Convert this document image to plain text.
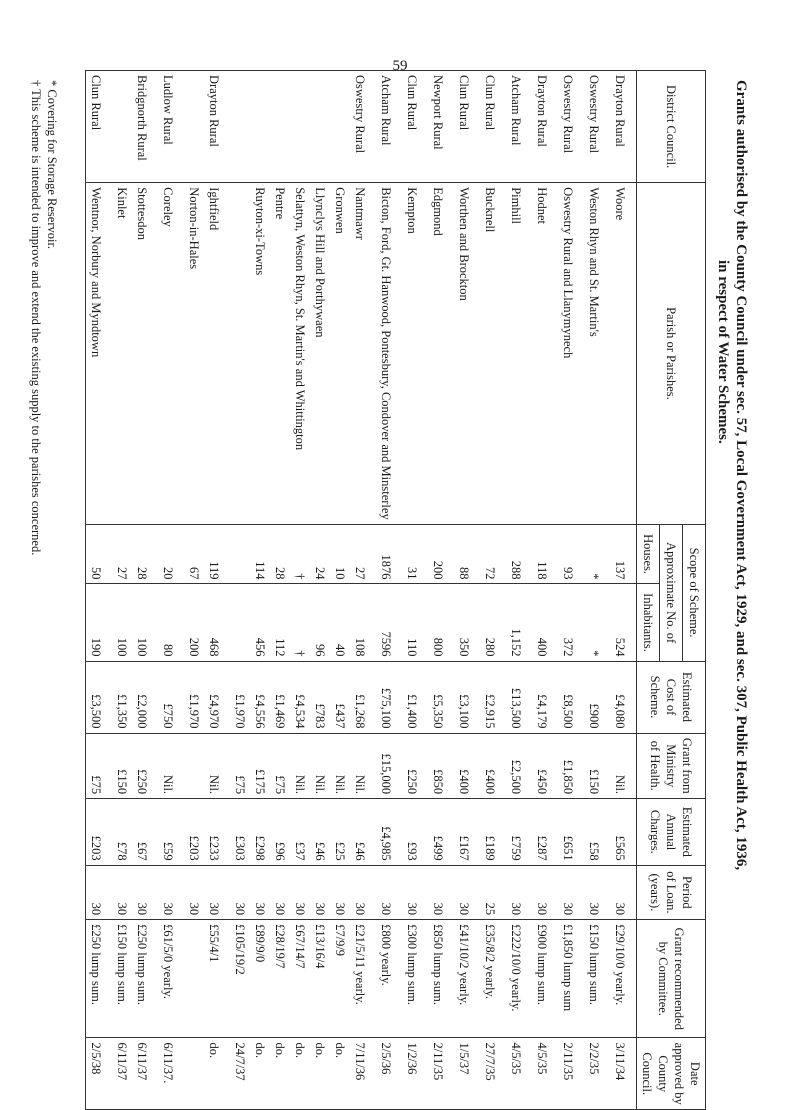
59
Grants authorised by the County Council under sec. 57, Local Government Act, 1929, and sec. 307, Public Health Act, 1936,
in respect of Water Schemes.
District Council.	Parish or Parishes.	Scope of Scheme.		Estimated Cost of Scheme.	Grant from Ministry of Health.	Estimated Annual Charges.	Period of Loan. (years).	Grant recommended by Committee.	Date approved by County Council.
		Approximate No. of							
		Houses.	Inhabitants.						
Drayton Rural	Woore	137	524	£4,080	Nil.	£565	30	£29/10/0 yearly.	3/11/34
Oswestry Rural	Weston Rhyn and St. Martin's	*	*	£900	£150	£58	30	£150 lump sum.	2/2/35
Oswestry Rural	Oswestry Rural and Llanymynech	93	372	£8,500	£1,850	£651	30	£1,850 lump sum	2/11/35
Drayton Rural	Hodnet	118	400	£4,179	£450	£287	30	£900 lump sum.	4/5/35
Atcham Rural	Pimhill	288	1,152	£13,500	£2,500	£759	30	£222/10/0 yearly.	4/5/35
Clun Rural	Bucknell	72	280	£2,915	£400	£189	25	£35/8/2 yearly.	27/7/35
Clun Rural	Worthen and Brockton	88	350	£3,100	£400	£167	30	£41/10/2 yearly.	1/5/37
Newport Rural	Edgmond	200	800	£5,350	£850	£499	30	£850 lump sum.	2/11/35
Clun Rural	Kempton	31	110	£1,400	£250	£93	30	£300 lump sum.	1/2/36
Atcham Rural	Bicton, Ford, Gt. Hanwood, Pontesbury, Condover and Minsterley	1876	7596	£75,100	£15,000	£4,985	30	£800 yearly.	2/5/36
Oswestry Rural	Nantmawr	27	108	£1,268	Nil.	£46	30	£21/5/11 yearly.	7/11/36
	Gronwen	10	40	£437	Nil.	£25	30	£7/9/9	do.
	Llynclys Hill and Porthywaen	24	96	£783	Nil.	£46	30	£13/16/4	do.
	Selattyn, Weston Rhyn, St. Martin's and Whittington	†	†	£4,534	Nil.	£37	30	£67/14/7	do.
	Pentre	28	112	£1,469	£75	£96	30	£28/19/7	do.
	Ruyton-xi-Towns	114	456	£4,556	£175	£298	30	£89/9/0	do.
				£1,970	£75	£303	30	£105/19/2	24/7/37
Drayton Rural	Ightfield	119	468	£4,970	Nil.	£233	30	£55/4/1	do.
	Norton-in-Hales	67	200	£1,970		£203	30		
Ludlow Rural	Coreley	20	80	£750	Nil.	£59	30	£61/5/0 yearly.	6/11/37.
Bridgnorth Rural	Stottesdon	28	100	£2,000	£250	£67	30	£250 lump sum.	6/11/37
	Kinlet	27	100	£1,350	£150	£78	30	£150 lump sum.	6/11/37
Clun Rural	Wentnor, Norbury and Myndtown	50	190	£3,500	£75	£203	30	£250 lump sum.	2/5/38
* Covering for Storage Reservoir.
† This scheme is intended to improve and extend the existing supply to the parishes concerned.
